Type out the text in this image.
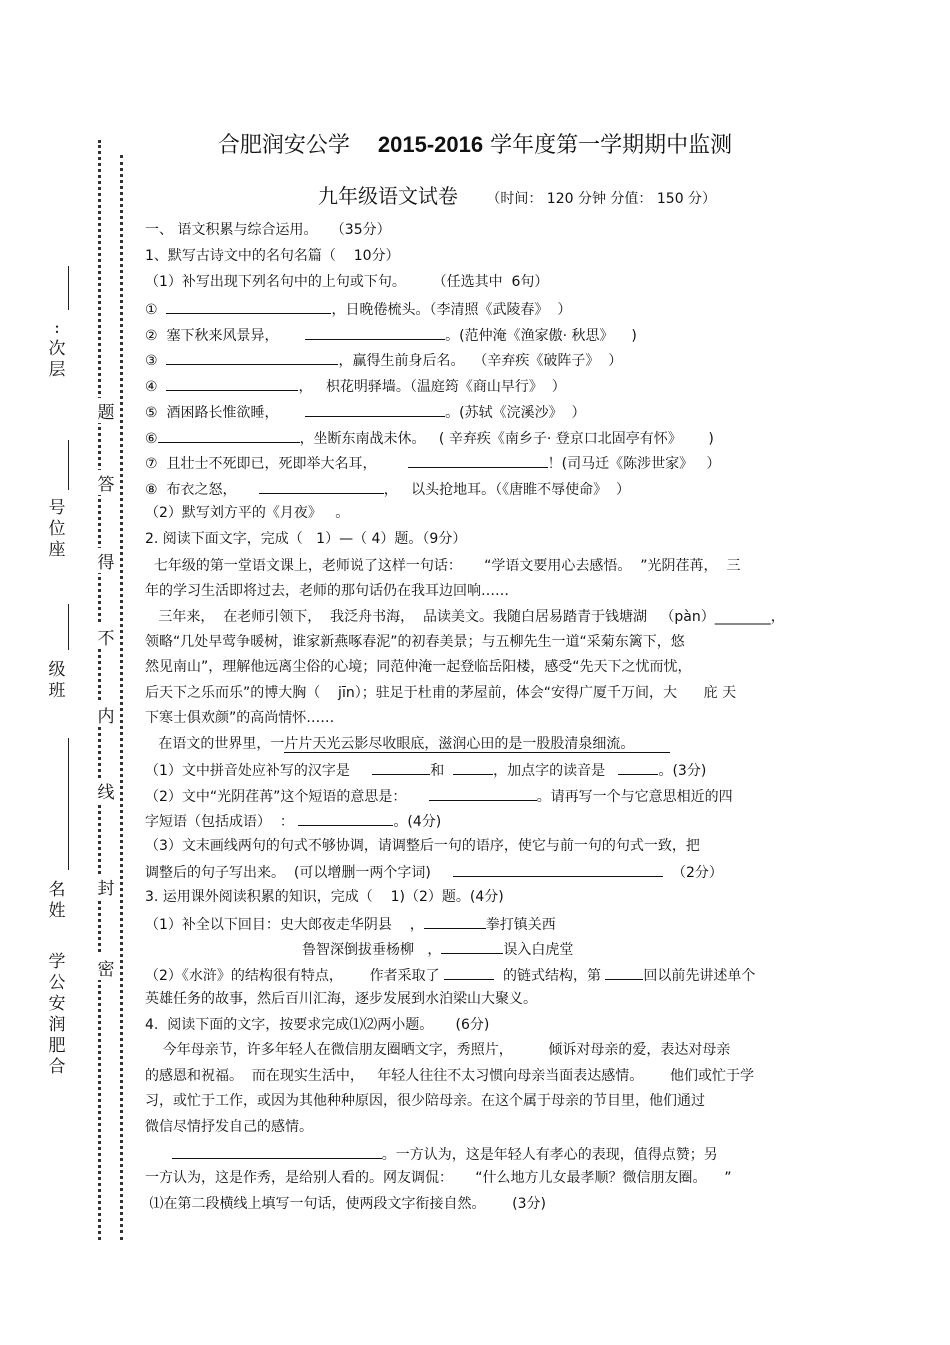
题
答
得
不
内
线
封
密
: 次 层
号 位 座
级 班
名 姓
学 公 安 润 肥 合
合肥润安公学 2015-2016 学年度第一学期期中监测
九年级语文试卷 （时间： 120 分钟 分值： 150 分）
一、 语文积累与综合运用。   （35分）
1、默写古诗文中的名句名篇（    10分）
（1）补写出现下列名句中的上句或下句。      （任选其中  6句）
①	，日晚倦梳头。（李清照《武陵春》  ）
②  塞下秋来风景异，	。(范仲淹《渔家傲· 秋思》    )
③	，赢得生前身后名。  （辛弃疾《破阵子》  ）
④	，   枳花明驿墙。（温庭筠《商山早行》  ）
⑤  酒困路长惟欲睡，	。(苏轼《浣溪沙》  ）
⑥	，坐断东南战未休。   ( 辛弃疾《南乡子· 登京口北固亭有怀》      )
⑦  且壮士不死即已，死即举大名耳，	！(司马迁《陈涉世家》   ）
⑧  布衣之怒，	，   以头抢地耳。（《唐睢不辱使命》  ）
（2）默写刘方平的《月夜》   。
2. 阅读下面文字，完成（   1）—（ 4）题。（9分）
七年级的第一堂语文课上，老师说了这样一句话：     “学语文要用心去感悟。  ”光阴荏苒，  三
年的学习生活即将过去，老师的那句话仍在我耳边回响……
三年来，  在老师引领下，  我泛舟书海，  品读美文。我随白居易踏青于钱塘湖   （pàn）________，
领略“几处早莺争暖树，谁家新燕啄春泥”的初春美景；与五柳先生一道“采菊东篱下，悠
然见南山”，理解他远离尘俗的心境；同范仲淹一起登临岳阳楼，感受“先天下之忧而忧，
后天下之乐而乐”的博大胸（    jīn）；驻足于杜甫的茅屋前，体会“安得广厦千万间，大      庇 天
下寒士俱欢颜”的高尚情怀……
在语文的世界里，一片片天光云影尽收眼底，滋润心田的是一股股清泉细流。
（1）文中拼音处应补写的汉字是	和	，加点字的读音是	。(3分)
（2）文中“光阴荏苒”这个短语的意思是：	。请再写一个与它意思相近的四
字短语（包括成语）  ：	。(4分)
（3）文末画线两句的句式不够协调，请调整后一句的语序，使它与前一句的句式一致，把
调整后的句子写出来。  (可以增删一两个字词)	（2分）
3. 运用课外阅读积累的知识，完成（    1)（2）题。(4分)
（1）补全以下回目：史大郎夜走华阴县    ，	拳打镇关西
鲁智深倒拔垂杨柳   ，	误入白虎堂
（2）《水浒》的结构很有特点，      作者采取了	的链式结构，第	回以前先讲述单个
英雄任务的故事，然后百川汇海，逐步发展到水泊梁山大聚义。
4.  阅读下面的文字，按要求完成⑴⑵两小题。     (6分)
今年母亲节，许多年轻人在微信朋友圈晒文字，秀照片，        倾诉对母亲的爱，表达对母亲
的感恩和祝福。  而在现实生活中，   年轻人往往不太习惯向母亲当面表达感情。      他们或忙于学
习，或忙于工作，或因为其他种种原因，很少陪母亲。在这个属于母亲的节目里，他们通过
微信尽情抒发自己的感情。
。一方认为，这是年轻人有孝心的表现，值得点赞；另
一方认为，这是作秀，是给别人看的。网友调侃：     “什么地方儿女最孝顺？微信朋友圈。    ”
⑴在第二段横线上填写一句话，使两段文字衔接自然。      (3分)
